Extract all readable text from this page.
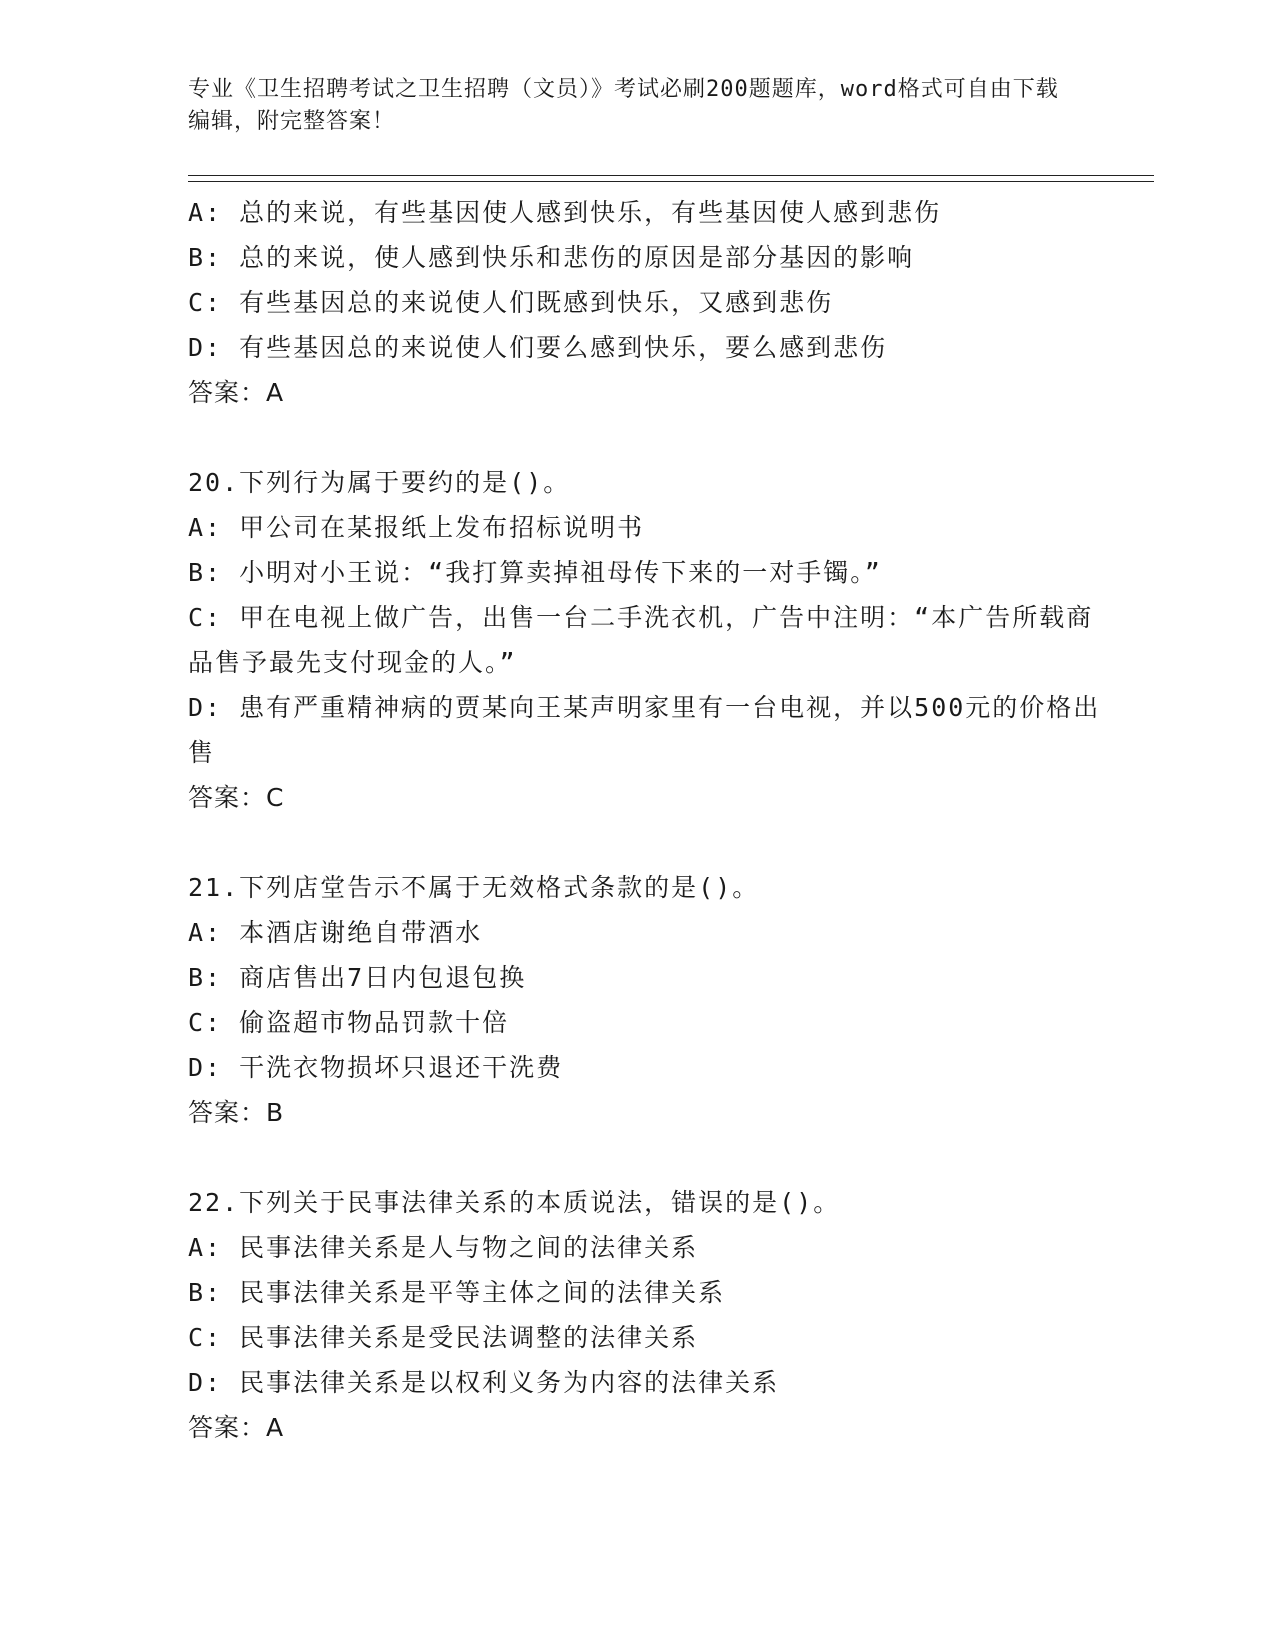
专业《卫生招聘考试之卫生招聘（文员）》考试必刷200题题库，word格式可自由下载编辑，附完整答案！
A: 总的来说，有些基因使人感到快乐，有些基因使人感到悲伤
B: 总的来说，使人感到快乐和悲伤的原因是部分基因的影响
C: 有些基因总的来说使人们既感到快乐，又感到悲伤
D: 有些基因总的来说使人们要么感到快乐，要么感到悲伤
答案：A
20.下列行为属于要约的是()。
A: 甲公司在某报纸上发布招标说明书
B: 小明对小王说：“我打算卖掉祖母传下来的一对手镯。”
C: 甲在电视上做广告，出售一台二手洗衣机，广告中注明：“本广告所载商品售予最先支付现金的人。”
D: 患有严重精神病的贾某向王某声明家里有一台电视，并以500元的价格出售
答案：C
21.下列店堂告示不属于无效格式条款的是()。
A: 本酒店谢绝自带酒水
B: 商店售出7日内包退包换
C: 偷盗超市物品罚款十倍
D: 干洗衣物损坏只退还干洗费
答案：B
22.下列关于民事法律关系的本质说法，错误的是()。
A: 民事法律关系是人与物之间的法律关系
B: 民事法律关系是平等主体之间的法律关系
C: 民事法律关系是受民法调整的法律关系
D: 民事法律关系是以权利义务为内容的法律关系
答案：A
